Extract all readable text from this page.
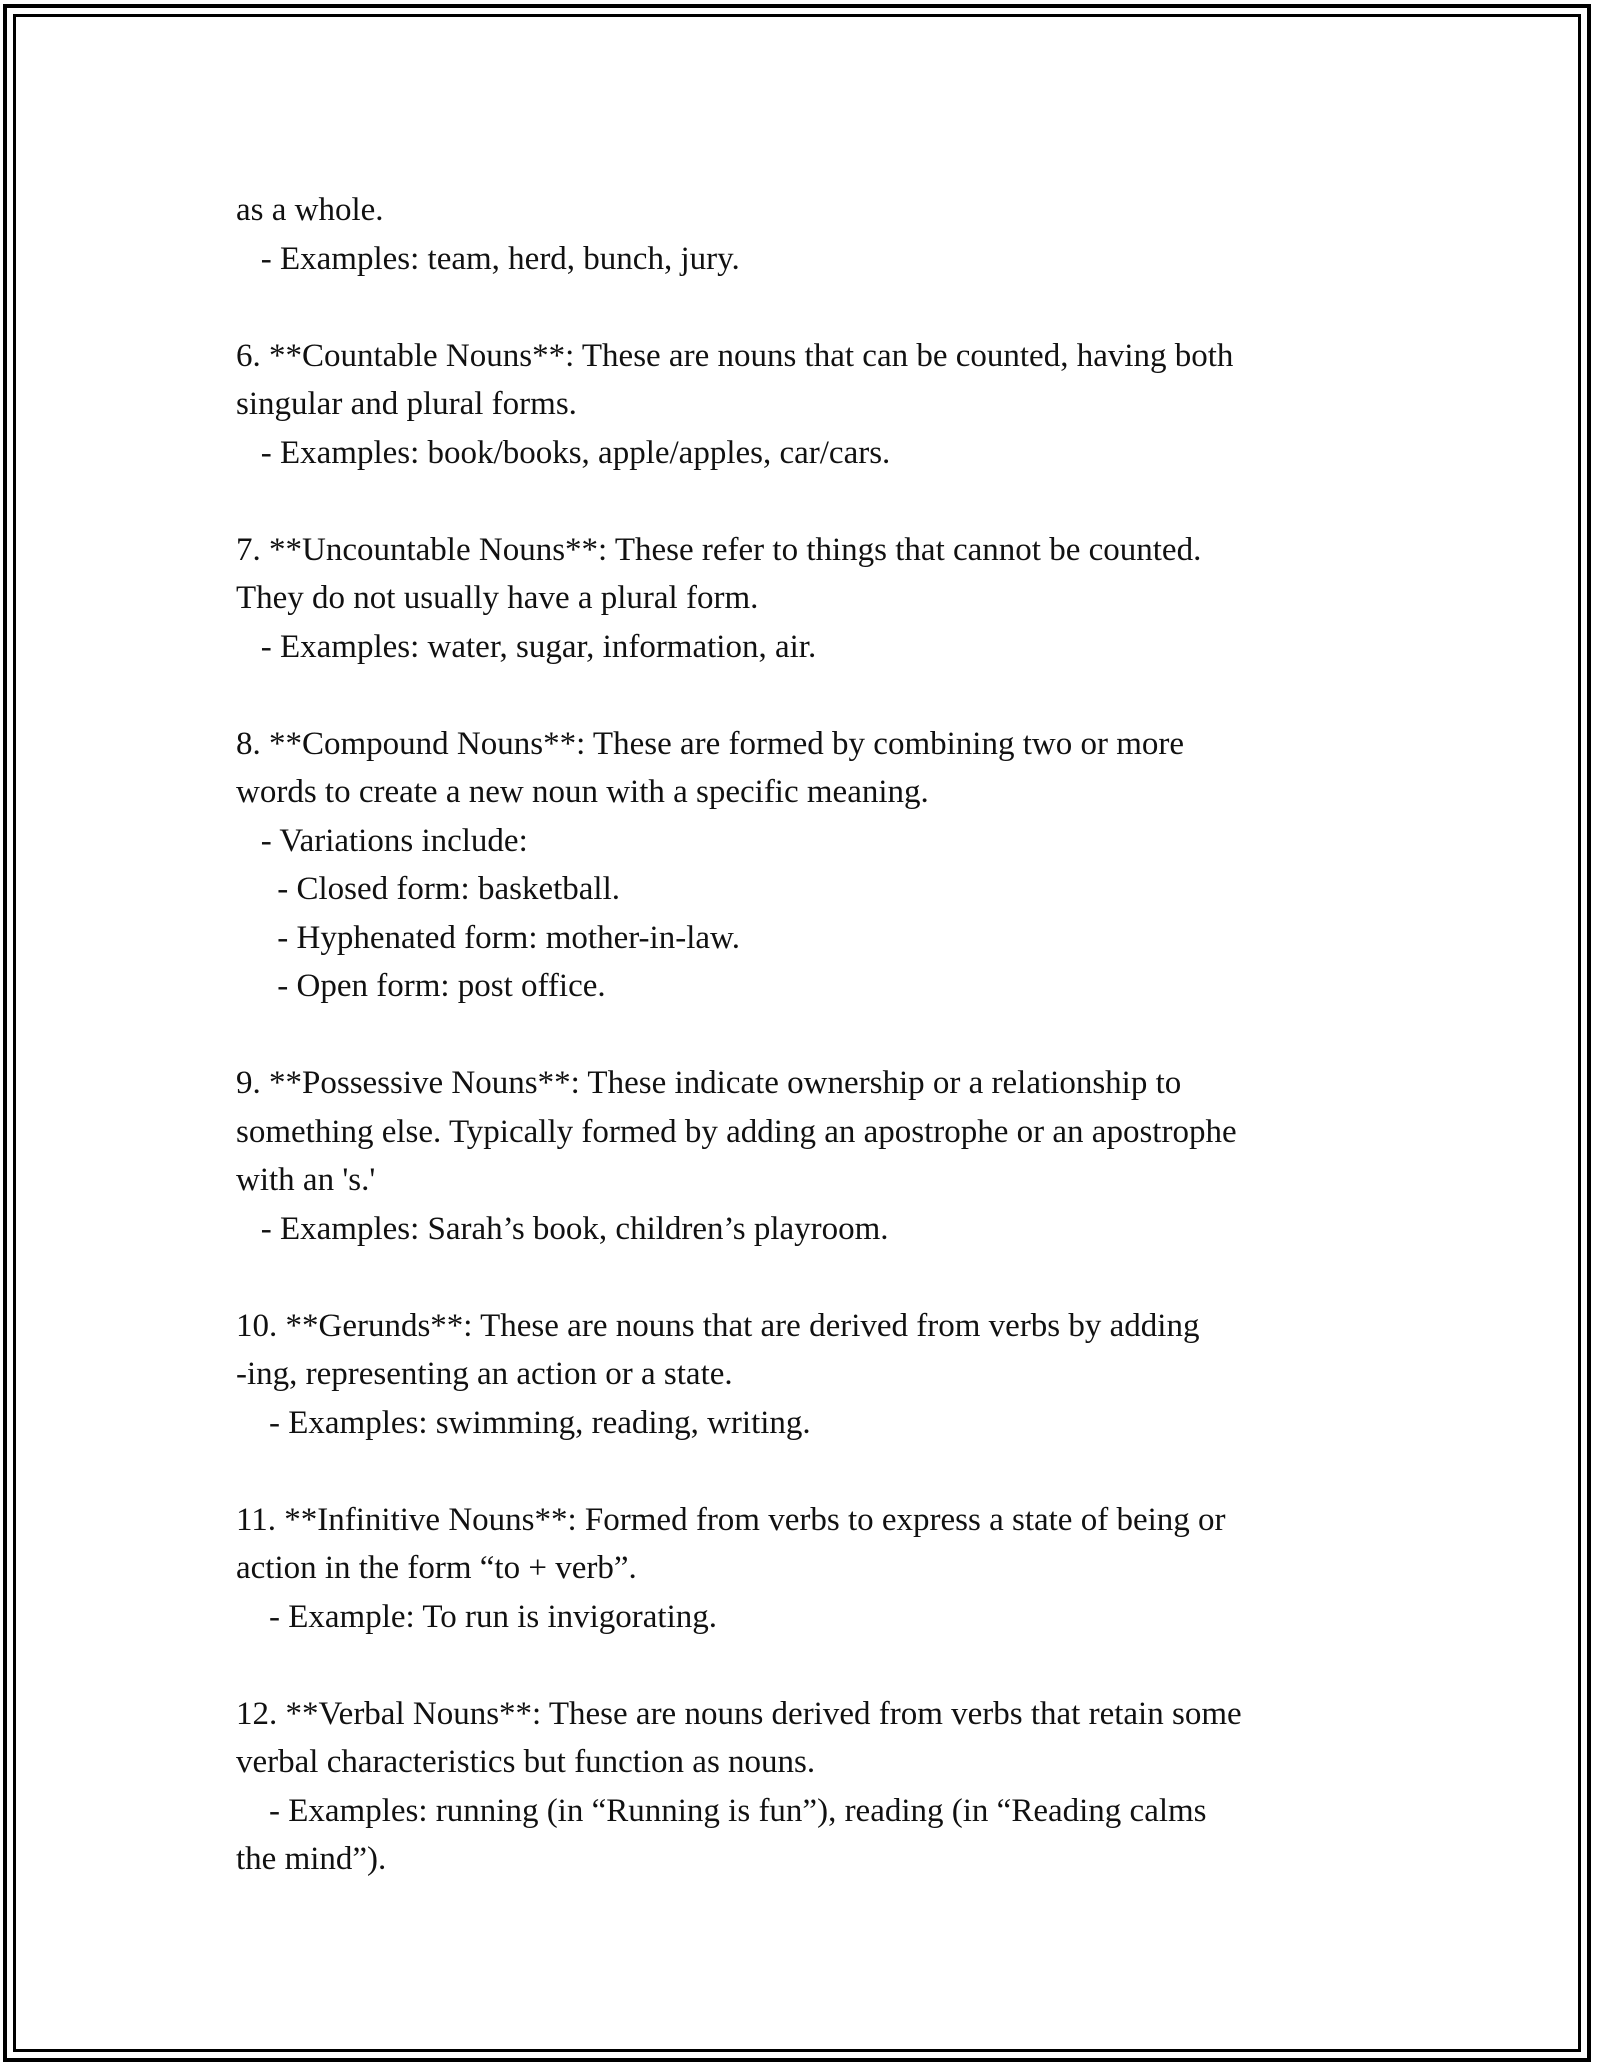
as a whole.
- Examples: team, herd, bunch, jury.
6. **Countable Nouns**: These are nouns that can be counted, having both
singular and plural forms.
- Examples: book/books, apple/apples, car/cars.
7. **Uncountable Nouns**: These refer to things that cannot be counted.
They do not usually have a plural form.
- Examples: water, sugar, information, air.
8. **Compound Nouns**: These are formed by combining two or more
words to create a new noun with a specific meaning.
- Variations include:
- Closed form: basketball.
- Hyphenated form: mother-in-law.
- Open form: post office.
9. **Possessive Nouns**: These indicate ownership or a relationship to
something else. Typically formed by adding an apostrophe or an apostrophe
with an 's.'
- Examples: Sarah’s book, children’s playroom.
10. **Gerunds**: These are nouns that are derived from verbs by adding
-ing, representing an action or a state.
- Examples: swimming, reading, writing.
11. **Infinitive Nouns**: Formed from verbs to express a state of being or
action in the form “to + verb”.
- Example: To run is invigorating.
12. **Verbal Nouns**: These are nouns derived from verbs that retain some
verbal characteristics but function as nouns.
- Examples: running (in “Running is fun”), reading (in “Reading calms
the mind”).
